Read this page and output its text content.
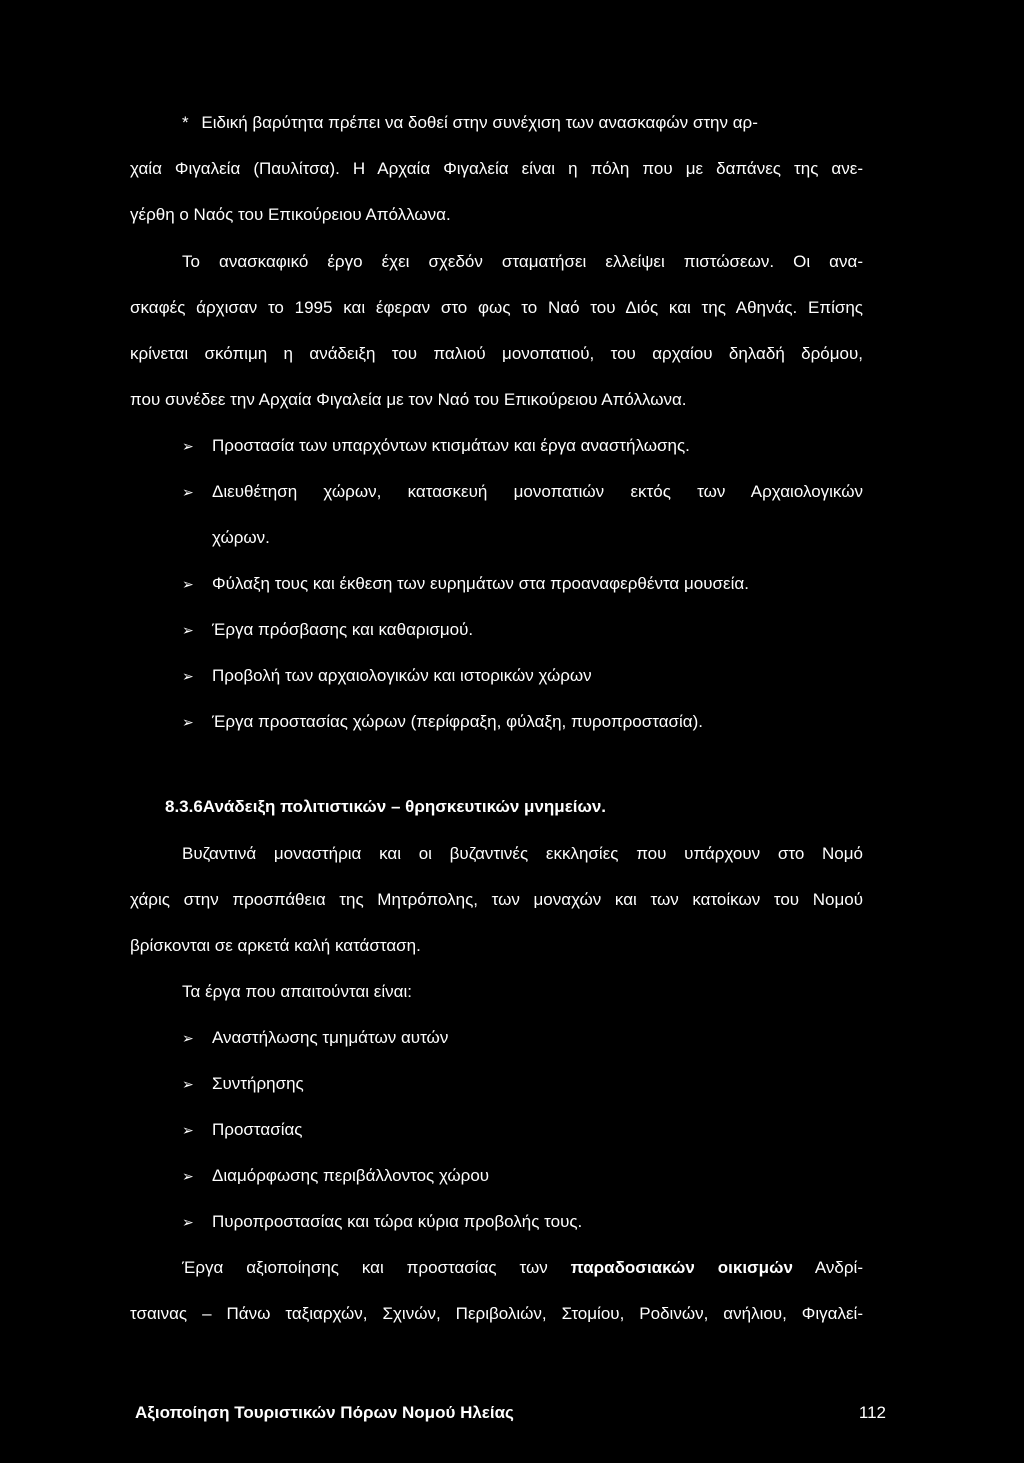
* Ειδική βαρύτητα πρέπει να δοθεί στην συνέχιση των ανασκαφών στην αρ-
χαία Φιγαλεία (Παυλίτσα). Η Αρχαία Φιγαλεία είναι η πόλη που με δαπάνες της ανε-
γέρθη ο Ναός του Επικούρειου Απόλλωνα.
Το ανασκαφικό έργο έχει σχεδόν σταματήσει ελλείψει πιστώσεων. Οι ανα-
σκαφές άρχισαν το 1995 και έφεραν στο φως το Ναό του Διός και της Αθηνάς. Επίσης
κρίνεται σκόπιμη η ανάδειξη του παλιού μονοπατιού, του αρχαίου δηλαδή δρόμου,
που συνέδεε την Αρχαία Φιγαλεία με τον Ναό του Επικούρειου Απόλλωνα.
➢ Προστασία των υπαρχόντων κτισμάτων και έργα αναστήλωσης.
➢ Διευθέτηση χώρων, κατασκευή μονοπατιών εκτός των Αρχαιολογικών
χώρων.
➢ Φύλαξη τους και έκθεση των ευρημάτων στα προαναφερθέντα μουσεία.
➢ Έργα πρόσβασης και καθαρισμού.
➢ Προβολή των αρχαιολογικών και ιστορικών χώρων
➢ Έργα προστασίας χώρων (περίφραξη, φύλαξη, πυροπροστασία).
8.3.6Ανάδειξη πολιτιστικών – θρησκευτικών μνημείων.
Βυζαντινά μοναστήρια και οι βυζαντινές εκκλησίες που υπάρχουν στο Νομό
χάρις στην προσπάθεια της Μητρόπολης, των μοναχών και των κατοίκων του Νομού
βρίσκονται σε αρκετά καλή κατάσταση.
Τα έργα που απαιτούνται είναι:
➢ Αναστήλωσης τμημάτων αυτών
➢ Συντήρησης
➢ Προστασίας
➢ Διαμόρφωσης περιβάλλοντος χώρου
➢ Πυροπροστασίας και τώρα κύρια προβολής τους.
Έργα αξιοποίησης και προστασίας των παραδοσιακών οικισμών Ανδρί-
τσαινας – Πάνω ταξιαρχών, Σχινών, Περιβολιών, Στομίου, Ροδινών, ανήλιου, Φιγαλεί-
Αξιοποίηση Τουριστικών Πόρων Νομού Ηλείας	112
